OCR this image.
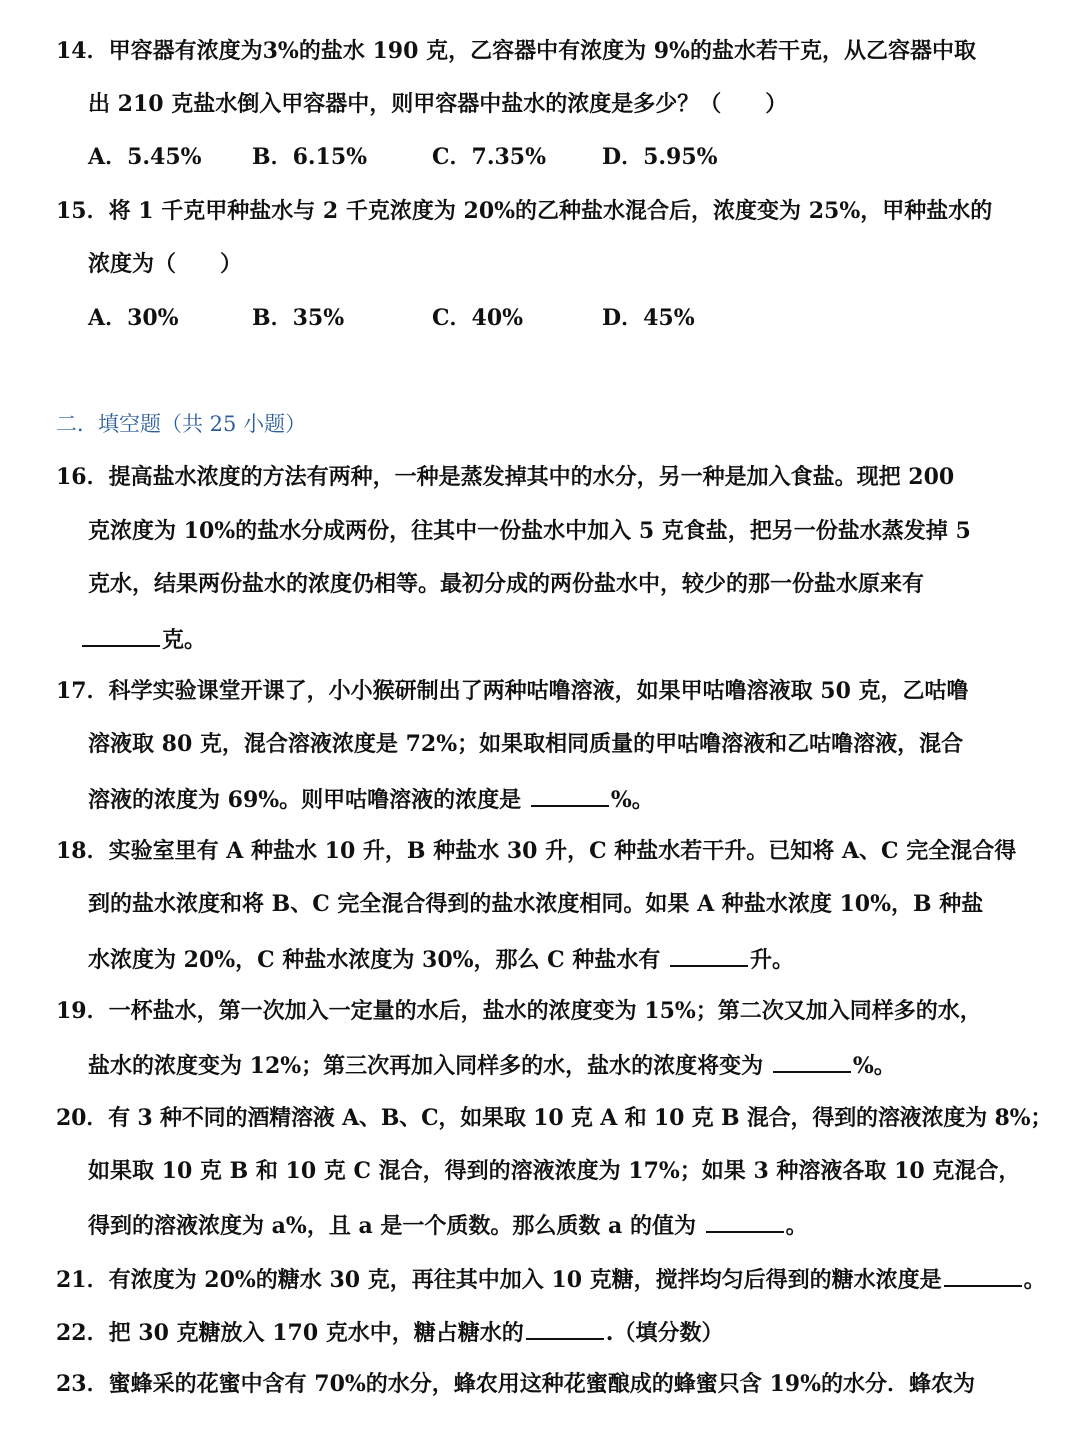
14．甲容器有浓度为3%的盐水 190 克，乙容器中有浓度为 9%的盐水若干克，从乙容器中取
出 210 克盐水倒入甲容器中，则甲容器中盐水的浓度是多少？（　　）
A．5.45% B．6.15%	C．7.35%	D．5.95%
15．将 1 千克甲种盐水与 2 千克浓度为 20%的乙种盐水混合后，浓度变为 25%，甲种盐水的
浓度为（　　）
A．30%	B．35%	C．40%	D．45%
二．填空题（共 25 小题）
16．提高盐水浓度的方法有两种，一种是蒸发掉其中的水分，另一种是加入食盐。现把 200
克浓度为 10%的盐水分成两份，往其中一份盐水中加入 5 克食盐，把另一份盐水蒸发掉 5
克水，结果两份盐水的浓度仍相等。最初分成的两份盐水中，较少的那一份盐水原来有
克。
17．科学实验课堂开课了，小小猴研制出了两种咕噜溶液，如果甲咕噜溶液取 50 克，乙咕噜
溶液取 80 克，混合溶液浓度是 72%；如果取相同质量的甲咕噜溶液和乙咕噜溶液，混合
溶液的浓度为 69%。则甲咕噜溶液的浓度是	%。
18．实验室里有 A 种盐水 10 升，B 种盐水 30 升，C 种盐水若干升。已知将 A、C 完全混合得
到的盐水浓度和将 B、C 完全混合得到的盐水浓度相同。如果 A 种盐水浓度 10%，B 种盐
水浓度为 20%，C 种盐水浓度为 30%，那么 C 种盐水有	升。
19．一杯盐水，第一次加入一定量的水后，盐水的浓度变为 15%；第二次又加入同样多的水，
盐水的浓度变为 12%；第三次再加入同样多的水，盐水的浓度将变为	%。
20．有 3 种不同的酒精溶液 A、B、C，如果取 10 克 A 和 10 克 B 混合，得到的溶液浓度为 8%；
如果取 10 克 B 和 10 克 C 混合，得到的溶液浓度为 17%；如果 3 种溶液各取 10 克混合，
得到的溶液浓度为 a%，且 a 是一个质数。那么质数 a 的值为	。
21．有浓度为 20%的糖水 30 克，再往其中加入 10 克糖，搅拌均匀后得到的糖水浓度是	。
22．把 30 克糖放入 170 克水中，糖占糖水的	.（填分数）
23．蜜蜂采的花蜜中含有 70%的水分，蜂农用这种花蜜酿成的蜂蜜只含 19%的水分．蜂农为
